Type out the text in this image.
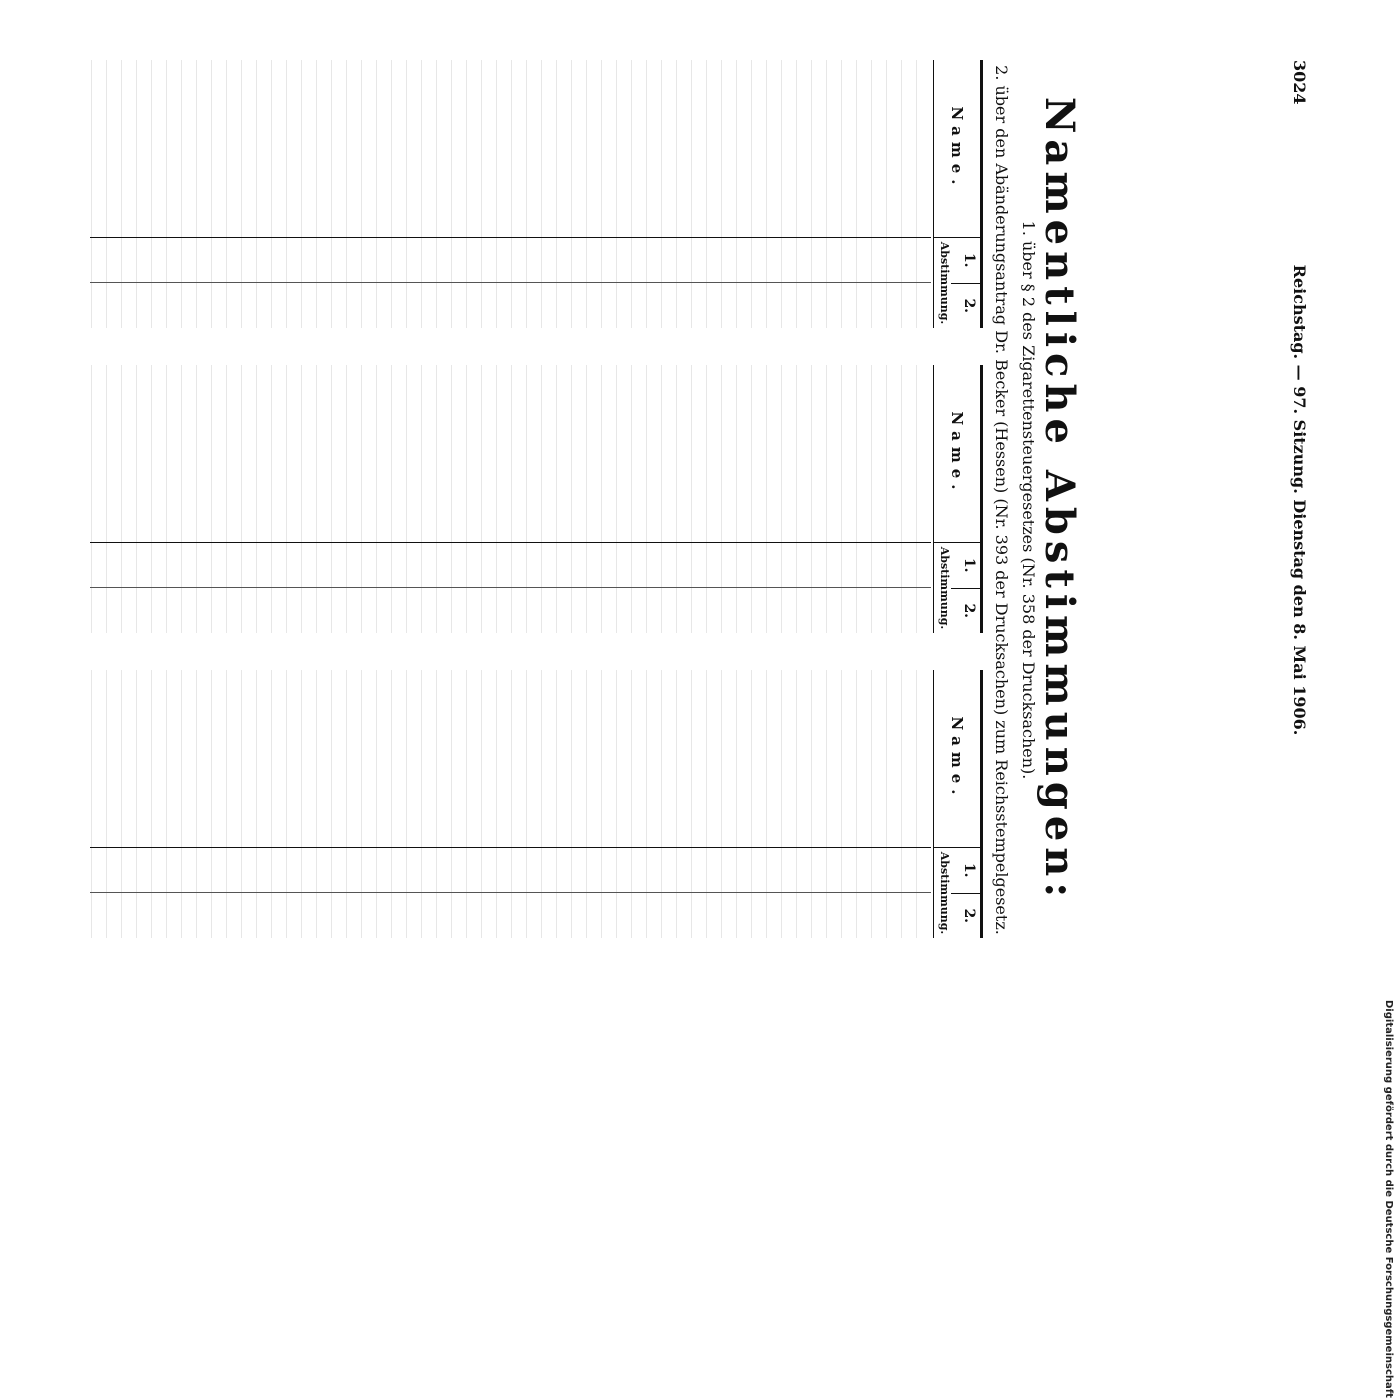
3024
Reichstag. — 97. Sitzung. Dienstag den 8. Mai 1906.
Namentliche Abstimmungen:
1. über § 2 des Zigarettensteuergesetzes (Nr. 358 der Drucksachen).
2. über den Abänderungsantrag Dr. Becker (Hessen) (Nr. 393 der Drucksachen) zum Reichsstempelgesetz.
Name.
1.
2.
Abstimmung.
Name.
1.
2.
Abstimmung.
Name.
1.
2.
Abstimmung.
Digitalisierung gefördert durch die Deutsche Forschungsgemeinschaft
